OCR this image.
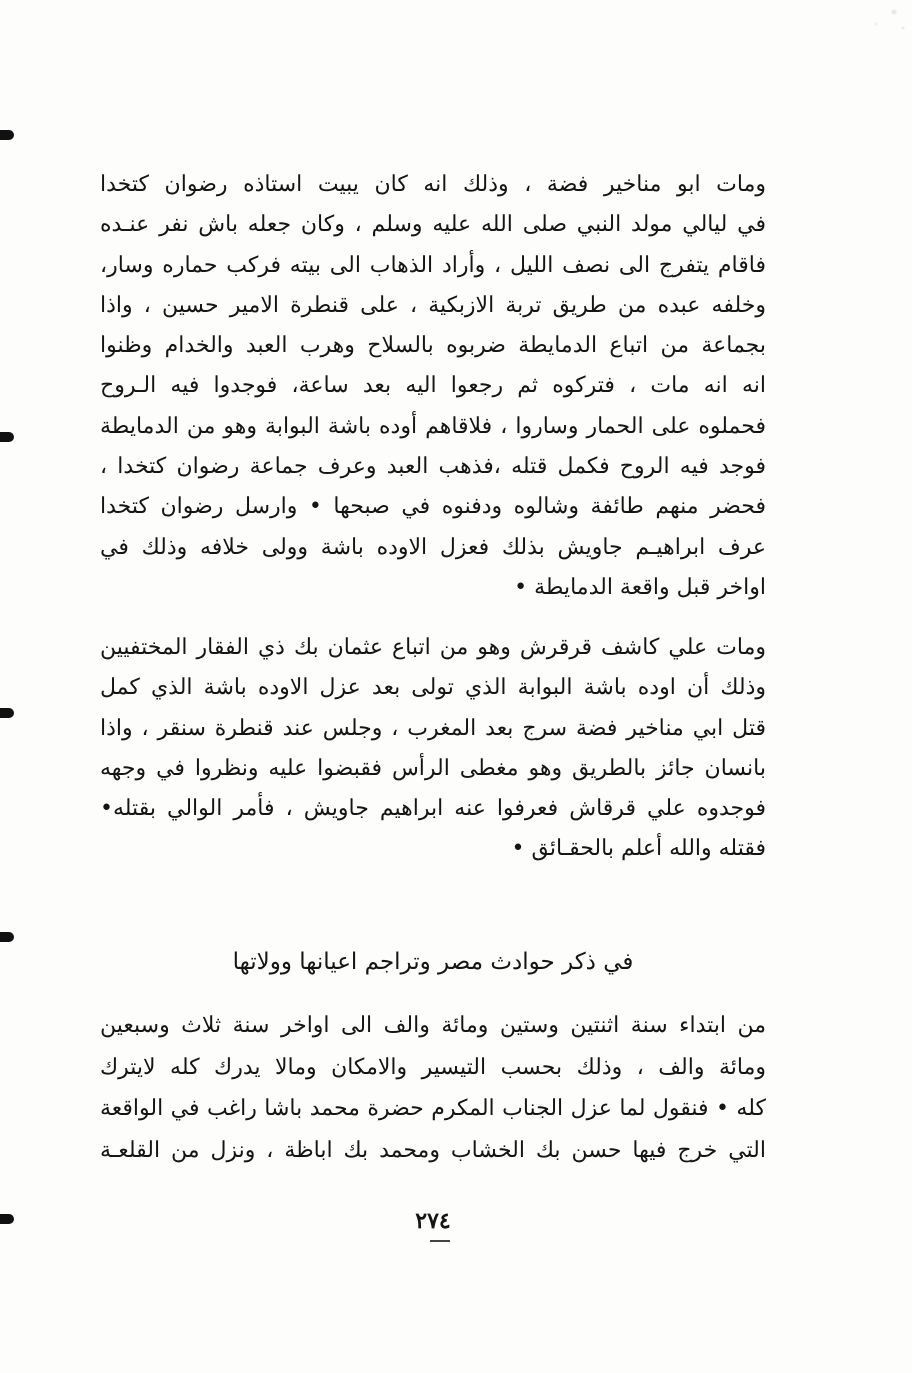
ومات ابو مناخير فضة ، وذلك انه كان يبيت استاذه رضوان كتخدا
في ليالي مولد النبي صلى الله عليه وسلم ، وكان جعله باش نفر عنـده
فاقام يتفرج الى نصف الليل ، وأراد الذهاب الى بيته فركب حماره وسار،
وخلفه عبده من طريق تربة الازبكية ، على قنطرة الامير حسين ، واذا
بجماعة من اتباع الدمايطة ضربوه بالسلاح وهرب العبد والخدام وظنوا
انه انه مات ، فتركوه ثم رجعوا اليه بعد ساعة، فوجدوا فيه الـروح
فحملوه على الحمار وساروا ، فلاقاهم أوده باشة البوابة وهو من الدمايطة
فوجد فيه الروح فكمل قتله ،فذهب العبد وعرف جماعة رضوان كتخدا ،
فحضر منهم طائفة وشالوه ودفنوه في صبحها • وارسل رضوان كتخدا
عرف ابراهيـم جاويش بذلك فعزل الاوده باشة وولى خلافه وذلك في
اواخر قبل واقعة الدمايطة •
ومات علي كاشف قرقرش وهو من اتباع عثمان بك ذي الفقار المختفيين
وذلك أن اوده باشة البوابة الذي تولى بعد عزل الاوده باشة الذي كمل
قتل ابي مناخير فضة سرج بعد المغرب ، وجلس عند قنطرة سنقر ، واذا
بانسان جائز بالطريق وهو مغطى الرأس فقبضوا عليه ونظروا في وجهه
فوجدوه علي قرقاش فعرفوا عنه ابراهيم جاويش ، فأمر الوالي بقتله•
فقتله والله أعلم بالحقـائق •
في ذكر حوادث مصر وتراجم اعيانها وولاتها
من ابتداء سنة اثنتين وستين ومائة والف الى اواخر سنة ثلاث وسبعين
ومائة والف ، وذلك بحسب التيسير والامكان ومالا يدرك كله لايترك
كله • فنقول لما عزل الجناب المكرم حضرة محمد باشا راغب في الواقعة
التي خرج فيها حسن بك الخشاب ومحمد بك اباظة ، ونزل من القلعـة
٢٧٤
